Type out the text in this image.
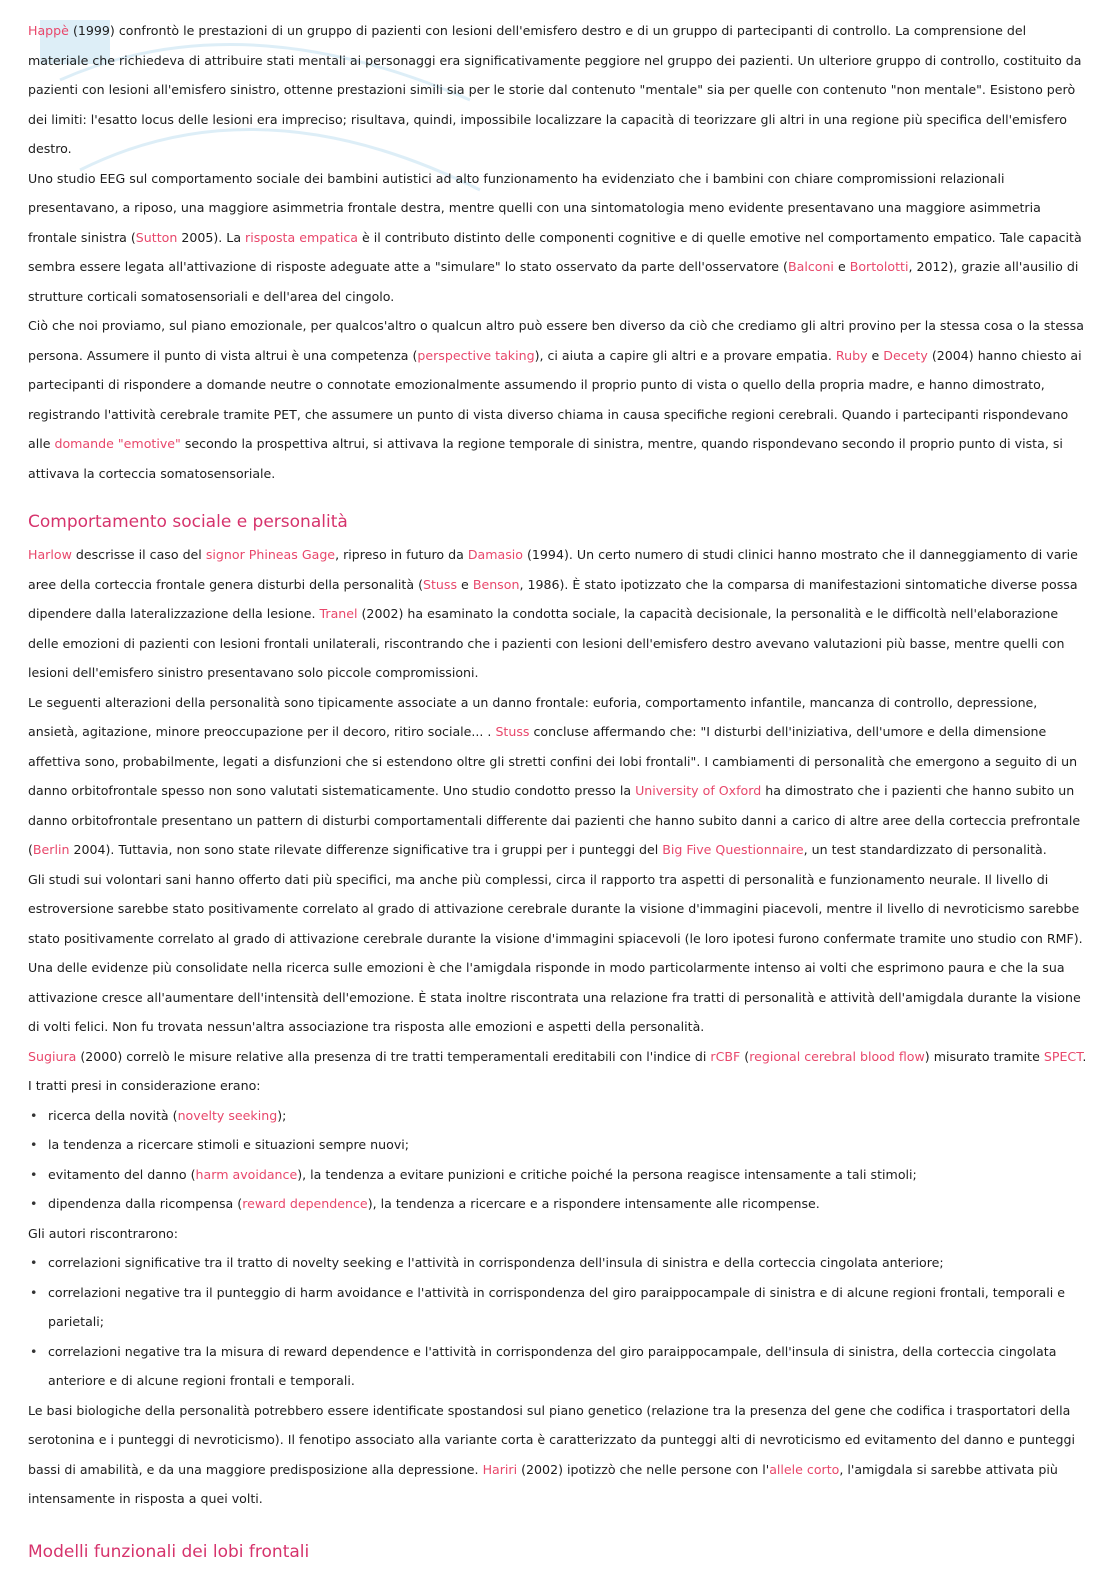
Happè (1999) confrontò le prestazioni di un gruppo di pazienti con lesioni dell'emisfero destro e di un gruppo di partecipanti di controllo. La comprensione del materiale che richiedeva di attribuire stati mentali ai personaggi era significativamente peggiore nel gruppo dei pazienti. Un ulteriore gruppo di controllo, costituito da pazienti con lesioni all'emisfero sinistro, ottenne prestazioni simili sia per le storie dal contenuto "mentale" sia per quelle con contenuto "non mentale". Esistono però dei limiti: l'esatto locus delle lesioni era impreciso; risultava, quindi, impossibile localizzare la capacità di teorizzare gli altri in una regione più specifica dell'emisfero destro.

Uno studio EEG sul comportamento sociale dei bambini autistici ad alto funzionamento ha evidenziato che i bambini con chiare compromissioni relazionali presentavano, a riposo, una maggiore asimmetria frontale destra, mentre quelli con una sintomatologia meno evidente presentavano una maggiore asimmetria frontale sinistra (Sutton 2005). La risposta empatica è il contributo distinto delle componenti cognitive e di quelle emotive nel comportamento empatico. Tale capacità sembra essere legata all'attivazione di risposte adeguate atte a "simulare" lo stato osservato da parte dell'osservatore (Balconi e Bortolotti, 2012), grazie all'ausilio di strutture corticali somatosensoriali e dell'area del cingolo.

Ciò che noi proviamo, sul piano emozionale, per qualcos'altro o qualcun altro può essere ben diverso da ciò che crediamo gli altri provino per la stessa cosa o la stessa persona. Assumere il punto di vista altrui è una competenza (perspective taking), ci aiuta a capire gli altri e a provare empatia. Ruby e Decety (2004) hanno chiesto ai partecipanti di rispondere a domande neutre o connotate emozionalmente assumendo il proprio punto di vista o quello della propria madre, e hanno dimostrato, registrando l'attività cerebrale tramite PET, che assumere un punto di vista diverso chiama in causa specifiche regioni cerebrali. Quando i partecipanti rispondevano alle domande "emotive" secondo la prospettiva altrui, si attivava la regione temporale di sinistra, mentre, quando rispondevano secondo il proprio punto di vista, si attivava la corteccia somatosensoriale.

Comportamento sociale e personalità

Harlow descrisse il caso del signor Phineas Gage, ripreso in futuro da Damasio (1994). Un certo numero di studi clinici hanno mostrato che il danneggiamento di varie aree della corteccia frontale genera disturbi della personalità (Stuss e Benson, 1986). È stato ipotizzato che la comparsa di manifestazioni sintomatiche diverse possa dipendere dalla lateralizzazione della lesione. Tranel (2002) ha esaminato la condotta sociale, la capacità decisionale, la personalità e le difficoltà nell'elaborazione delle emozioni di pazienti con lesioni frontali unilaterali, riscontrando che i pazienti con lesioni dell'emisfero destro avevano valutazioni più basse, mentre quelli con lesioni dell'emisfero sinistro presentavano solo piccole compromissioni.

Le seguenti alterazioni della personalità sono tipicamente associate a un danno frontale: euforia, comportamento infantile, mancanza di controllo, depressione, ansietà, agitazione, minore preoccupazione per il decoro, ritiro sociale... . Stuss concluse affermando che: "I disturbi dell'iniziativa, dell'umore e della dimensione affettiva sono, probabilmente, legati a disfunzioni che si estendono oltre gli stretti confini dei lobi frontali". I cambiamenti di personalità che emergono a seguito di un danno orbitofrontale spesso non sono valutati sistematicamente. Uno studio condotto presso la University of Oxford ha dimostrato che i pazienti che hanno subito un danno orbitofrontale presentano un pattern di disturbi comportamentali differente dai pazienti che hanno subito danni a carico di altre aree della corteccia prefrontale (Berlin 2004). Tuttavia, non sono state rilevate differenze significative tra i gruppi per i punteggi del Big Five Questionnaire, un test standardizzato di personalità.

Gli studi sui volontari sani hanno offerto dati più specifici, ma anche più complessi, circa il rapporto tra aspetti di personalità e funzionamento neurale. Il livello di estroversione sarebbe stato positivamente correlato al grado di attivazione cerebrale durante la visione d'immagini piacevoli, mentre il livello di nevroticismo sarebbe stato positivamente correlato al grado di attivazione cerebrale durante la visione d'immagini spiacevoli (le loro ipotesi furono confermate tramite uno studio con RMF). Una delle evidenze più consolidate nella ricerca sulle emozioni è che l'amigdala risponde in modo particolarmente intenso ai volti che esprimono paura e che la sua attivazione cresce all'aumentare dell'intensità dell'emozione. È stata inoltre riscontrata una relazione fra tratti di personalità e attività dell'amigdala durante la visione di volti felici. Non fu trovata nessun'altra associazione tra risposta alle emozioni e aspetti della personalità.

Sugiura (2000) correlò le misure relative alla presenza di tre tratti temperamentali ereditabili con l'indice di rCBF (regional cerebral blood flow) misurato tramite SPECT. I tratti presi in considerazione erano:

• ricerca della novità (novelty seeking);
• la tendenza a ricercare stimoli e situazioni sempre nuovi;
• evitamento del danno (harm avoidance), la tendenza a evitare punizioni e critiche poiché la persona reagisce intensamente a tali stimoli;
• dipendenza dalla ricompensa (reward dependence), la tendenza a ricercare e a rispondere intensamente alle ricompense.

Gli autori riscontrarono:

• correlazioni significative tra il tratto di novelty seeking e l'attività in corrispondenza dell'insula di sinistra e della corteccia cingolata anteriore;
• correlazioni negative tra il punteggio di harm avoidance e l'attività in corrispondenza del giro paraippocampale di sinistra e di alcune regioni frontali, temporali e parietali;
• correlazioni negative tra la misura di reward dependence e l'attività in corrispondenza del giro paraippocampale, dell'insula di sinistra, della corteccia cingolata anteriore e di alcune regioni frontali e temporali.

Le basi biologiche della personalità potrebbero essere identificate spostandosi sul piano genetico (relazione tra la presenza del gene che codifica i trasportatori della serotonina e i punteggi di nevroticismo). Il fenotipo associato alla variante corta è caratterizzato da punteggi alti di nevroticismo ed evitamento del danno e punteggi bassi di amabilità, e da una maggiore predisposizione alla depressione. Hariri (2002) ipotizzò che nelle persone con l'allele corto, l'amigdala si sarebbe attivata più intensamente in risposta a quei volti.

Modelli funzionali dei lobi frontali
